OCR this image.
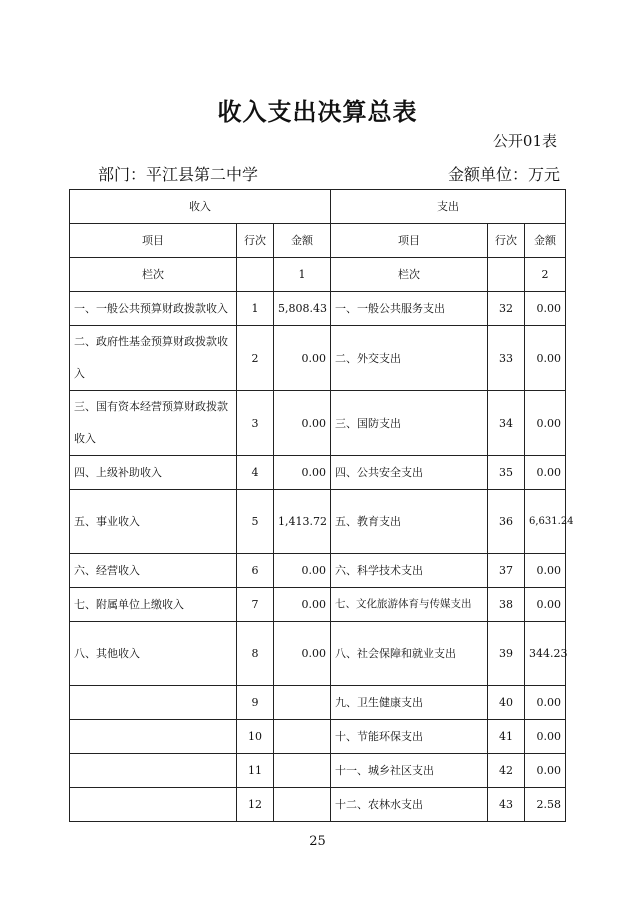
收入支出决算总表
公开01表
部门：平江县第二中学	金额单位：万元
收入			支出		
项目	行次	金额	项目	行次	金额
栏次		1	栏次		2
一、一般公共预算财政拨款收入	1	5,808.43	一、一般公共服务支出	32	0.00
二、政府性基金预算财政拨款收入	2	0.00	二、外交支出	33	0.00
三、国有资本经营预算财政拨款收入	3	0.00	三、国防支出	34	0.00
四、上级补助收入	4	0.00	四、公共安全支出	35	0.00
五、事业收入	5	1,413.72	五、教育支出	36	6,631.24
六、经营收入	6	0.00	六、科学技术支出	37	0.00
七、附属单位上缴收入	7	0.00	七、文化旅游体育与传媒支出	38	0.00
八、其他收入	8	0.00	八、社会保障和就业支出	39	344.23
	9		九、卫生健康支出	40	0.00
	10		十、节能环保支出	41	0.00
	11		十一、城乡社区支出	42	0.00
	12		十二、农林水支出	43	2.58
25
